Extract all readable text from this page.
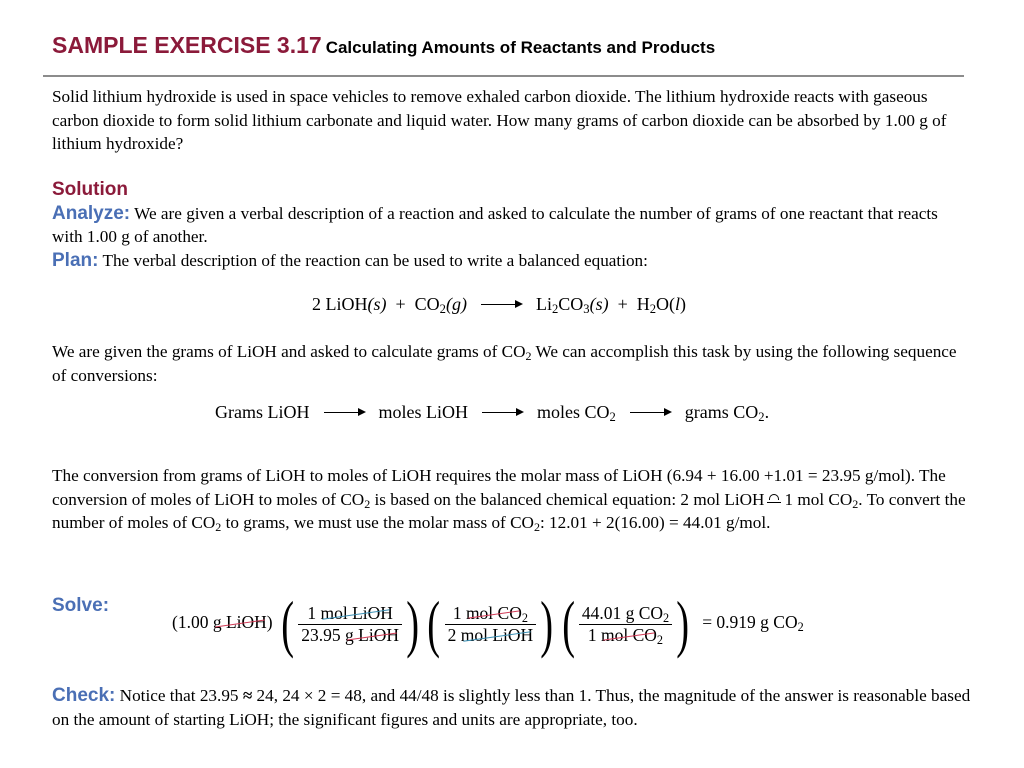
SAMPLE EXERCISE 3.17 Calculating Amounts of Reactants and Products
Solid lithium hydroxide is used in space vehicles to remove exhaled carbon dioxide. The lithium hydroxide reacts with gaseous carbon dioxide to form solid lithium carbonate and liquid water. How many grams of carbon dioxide can be absorbed by 1.00 g of lithium hydroxide?
Solution
Analyze: We are given a verbal description of a reaction and asked to calculate the number of grams of one reactant that reacts with 1.00 g of another.
Plan: The verbal description of the reaction can be used to write a balanced equation:
2 LiOH(s) + $CO_2(g) \to Li_2CO_3(s) + H_2O(l)$
We are given the grams of LiOH and asked to calculate grams of $CO_2$ We can accomplish this task by using the following sequence of conversions:
Grams LiOH	moles LiOH	moles $CO_2$	grams $CO_2$.
The conversion from grams of LiOH to moles of LiOH requires the molar mass of LiOH (6.94 + 16.00 +1.01 = 23.95 g/mol). The conversion of moles of LiOH to moles of $CO_2$ is based on the balanced chemical equation: 2 mol LiOH 1 mol $CO_2$. To convert the number of moles of $CO_2$ to grams, we must use the molar mass of $CO_2$: 12.01 + 2(16.00) = 44.01 g/mol.
Solve:
(1.00 g LiOH) ( $\frac{\text{1 mol LiOH}}{\text{23.95 g LiOH}}$ ) ( $\frac{1 mol CO_2}{\text{2 mol LiOH}}$ ) ( $\frac{44.01 g CO_2}{1 mol CO_2}$ ) = 0.919 g $CO_2$
Check: Notice that 23.95 ≈ 24, 24 × 2 = 48, and 44/48 is slightly less than 1. Thus, the magnitude of the answer is reasonable based on the amount of starting LiOH; the significant figures and units are appropriate, too.
